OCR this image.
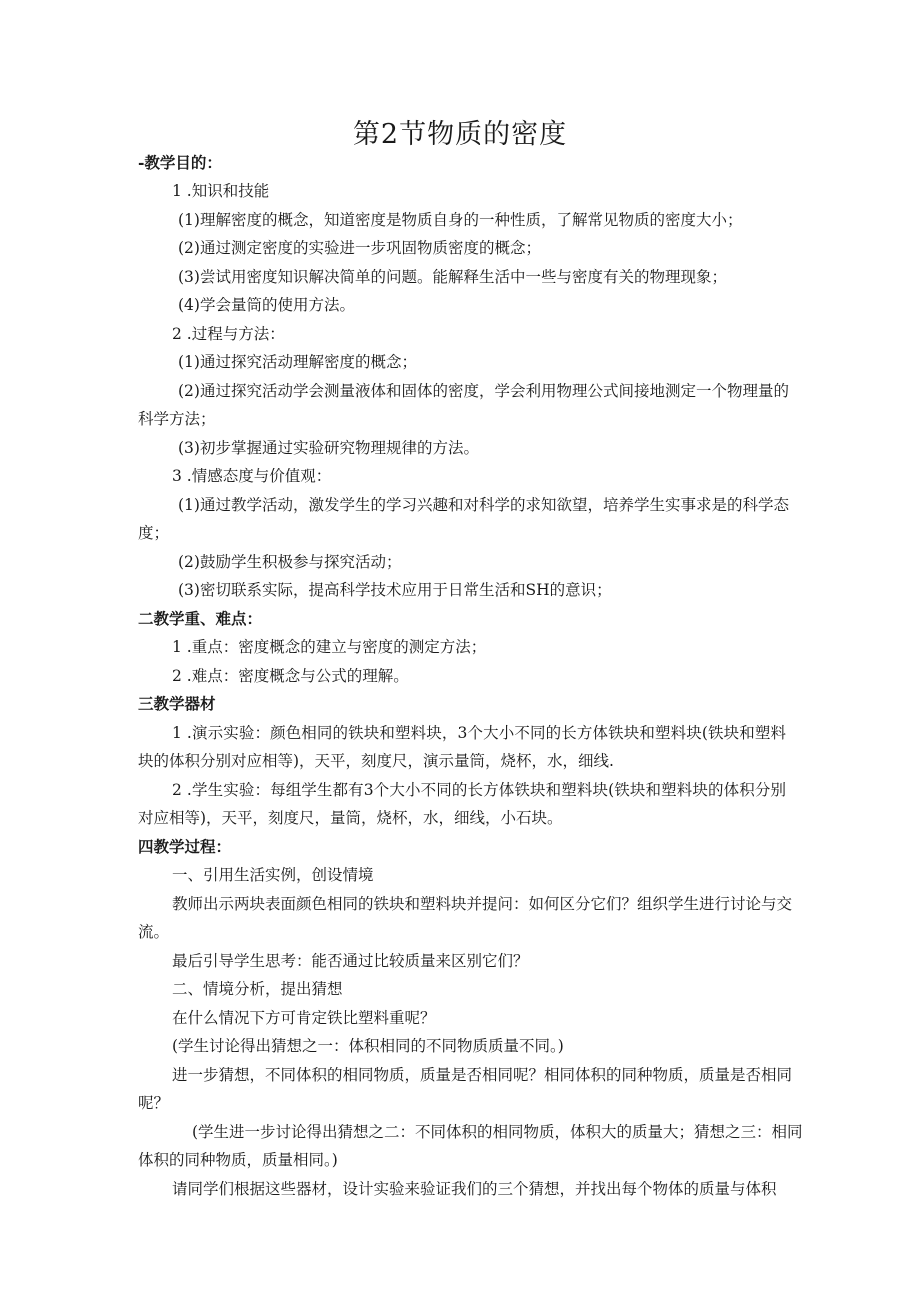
第2节物质的密度

-教学目的：

1 .知识和技能

(1)理解密度的概念，知道密度是物质自身的一种性质，了解常见物质的密度大小；

(2)通过测定密度的实验进一步巩固物质密度的概念；

(3)尝试用密度知识解决简单的问题。能解释生活中一些与密度有关的物理现象；

(4)学会量筒的使用方法。

2 .过程与方法：

(1)通过探究活动理解密度的概念；

(2)通过探究活动学会测量液体和固体的密度，学会利用物理公式间接地测定一个物理量的

科学方法；

(3)初步掌握通过实验研究物理规律的方法。

3 .情感态度与价值观：

(1)通过教学活动，激发学生的学习兴趣和对科学的求知欲望，培养学生实事求是的科学态

度；

(2)鼓励学生积极参与探究活动；

(3)密切联系实际，提高科学技术应用于日常生活和SH的意识；

二教学重、难点：

1 .重点：密度概念的建立与密度的测定方法；

2 .难点：密度概念与公式的理解。

三教学器材

1 .演示实验：颜色相同的铁块和塑料块，3个大小不同的长方体铁块和塑料块(铁块和塑料

块的体积分别对应相等)，天平，刻度尺，演示量筒，烧杯，水，细线.

2 .学生实验：每组学生都有3个大小不同的长方体铁块和塑料块(铁块和塑料块的体积分别

对应相等)，天平，刻度尺，量筒，烧杯，水，细线，小石块。

四教学过程：

一、引用生活实例，创设情境

教师出示两块表面颜色相同的铁块和塑料块并提问：如何区分它们？组织学生进行讨论与交

流。

最后引导学生思考：能否通过比较质量来区别它们？

二、情境分析，提出猜想

在什么情况下方可肯定铁比塑料重呢？

(学生讨论得出猜想之一：体积相同的不同物质质量不同。)

进一步猜想，不同体积的相同物质，质量是否相同呢？相同体积的同种物质，质量是否相同

呢？

(学生进一步讨论得出猜想之二：不同体积的相同物质，体积大的质量大；猜想之三：相同

体积的同种物质，质量相同。)

请同学们根据这些器材，设计实验来验证我们的三个猜想，并找出每个物体的质量与体积
